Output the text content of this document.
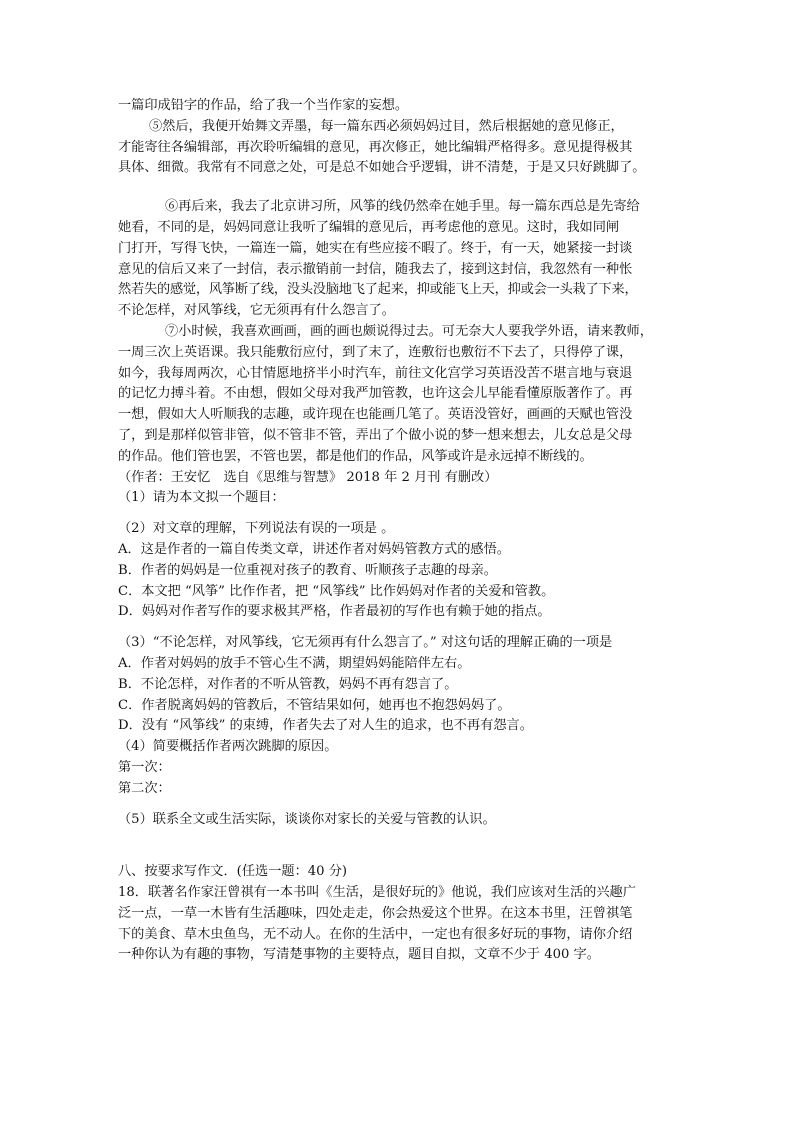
一篇印成铅字的作品，给了我一个当作家的妄想。
⑤然后，我便开始舞文弄墨，每一篇东西必须妈妈过目，然后根据她的意见修正，
才能寄往各编辑部，再次聆听编辑的意见，再次修正，她比编辑严格得多。意见提得极其
具体、细微。我常有不同意之处，可是总不如她合乎逻辑，讲不清楚，于是又只好跳脚了。
⑥再后来，我去了北京讲习所，风筝的线仍然牵在她手里。每一篇东西总是先寄给
她看，不同的是，妈妈同意让我听了编辑的意见后，再考虑他的意见。这时，我如同闸
门打开，写得飞快，一篇连一篇，她实在有些应接不暇了。终于，有一天，她紧接一封谈
意见的信后又来了一封信，表示撤销前一封信，随我去了，接到这封信，我忽然有一种怅
然若失的感觉，风筝断了线，没头没脑地飞了起来，抑或能飞上天，抑或会一头栽了下来，
不论怎样，对风筝线，它无须再有什么怨言了。
⑦小时候，我喜欢画画，画的画也颇说得过去。可无奈大人要我学外语，请来教师，
一周三次上英语课。我只能敷衍应付，到了末了，连敷衍也敷衍不下去了，只得停了课，
如今，我每周两次，心甘情愿地挤半小时汽车，前往文化宫学习英语没苦不堪言地与衰退
的记忆力搏斗着。不由想，假如父母对我严加管教，也许这会儿早能看懂原版著作了。再
一想，假如大人听顺我的志趣，或许现在也能画几笔了。英语没管好，画画的天赋也管没
了，到是那样似管非管，似不管非不管，弄出了个做小说的梦一想来想去，儿女总是父母
的作品。他们管也罢，不管也罢，都是他们的作品，风筝或许是永远掉不断线的。
（作者：王安忆　选自《思维与智慧》 2018 年 2 月刊 有删改）
（1）请为本文拟一个题目：
（2）对文章的理解，下列说法有误的一项是 。
A．这是作者的一篇自传类文章，讲述作者对妈妈管教方式的感悟。
B．作者的妈妈是一位重视对孩子的教育、听顺孩子志趣的母亲。
C．本文把 “风筝” 比作作者，把 “风筝线” 比作妈妈对作者的关爱和管教。
D．妈妈对作者写作的要求极其严格，作者最初的写作也有赖于她的指点。
（3）“不论怎样，对风筝线，它无须再有什么怨言了。” 对这句话的理解正确的一项是
A．作者对妈妈的放手不管心生不满，期望妈妈能陪伴左右。
B．不论怎样，对作者的不听从管教，妈妈不再有怨言了。
C．作者脱离妈妈的管教后，不管结果如何，她再也不抱怨妈妈了。
D．没有 “风筝线” 的束缚，作者失去了对人生的追求，也不再有怨言。
（4）简要概括作者两次跳脚的原因。
第一次：
第二次：
（5）联系全文或生活实际，谈谈你对家长的关爱与管教的认识。
八、按要求写作文．(任选一题：40 分)
18．联著名作家汪曾祺有一本书叫《生活，是很好玩的》他说，我们应该对生活的兴趣广
泛一点，一草一木皆有生活趣味，四处走走，你会热爱这个世界。在这本书里，汪曾祺笔
下的美食、草木虫鱼鸟，无不动人。在你的生活中，一定也有很多好玩的事物，请你介绍
一种你认为有趣的事物，写清楚事物的主要特点，题目自拟，文章不少于 400 字。
